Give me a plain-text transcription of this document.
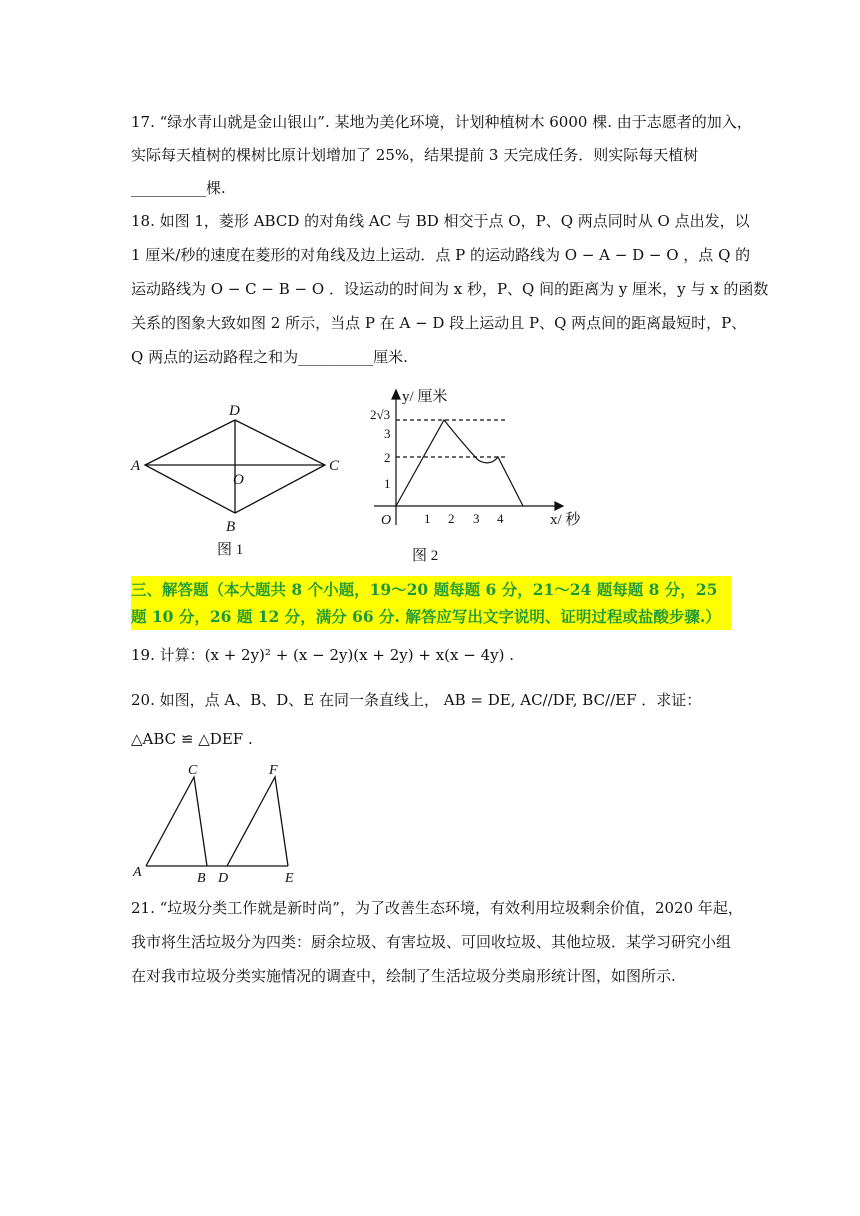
17. “绿水青山就是金山银山”. 某地为美化环境，计划种植树木 6000 棵. 由于志愿者的加入，
实际每天植树的棵树比原计划增加了 25%，结果提前 3 天完成任务．则实际每天植树
__________棵.
18. 如图 1，菱形 ABCD 的对角线 AC 与 BD 相交于点 O，P、Q 两点同时从 O 点出发，以
1 厘米/秒的速度在菱形的对角线及边上运动．点 P 的运动路线为 O − A − D − O ，点 Q 的
运动路线为 O − C − B − O ．设运动的时间为 x 秒，P、Q 间的距离为 y 厘米，y 与 x 的函数
关系的图象大致如图 2 所示，当点 P 在 A − D 段上运动且 P、Q 两点间的距离最短时，P、
Q 两点的运动路程之和为__________厘米.
A	C
D
B
O
图 1
y/ 厘米
x/ 秒
O	1 2 3 4
1
2
3
2√3
图 2
三、解答题（本大题共 8 个小题，19～20 题每题 6 分，21～24 题每题 8 分，25
题 10 分，26 题 12 分，满分 66 分. 解答应写出文字说明、证明过程或盐酸步骤.）
19. 计算：(x + 2y)² + (x − 2y)(x + 2y) + x(x − 4y) .
20. 如图，点 A、B、D、E 在同一条直线上， AB = DE, AC//DF, BC//EF ．求证：
△ABC ≌ △DEF .
C	F
A	B D	E
21. “垃圾分类工作就是新时尚”，为了改善生态环境，有效利用垃圾剩余价值，2020 年起，
我市将生活垃圾分为四类：厨余垃圾、有害垃圾、可回收垃圾、其他垃圾．某学习研究小组
在对我市垃圾分类实施情况的调查中，绘制了生活垃圾分类扇形统计图，如图所示.
